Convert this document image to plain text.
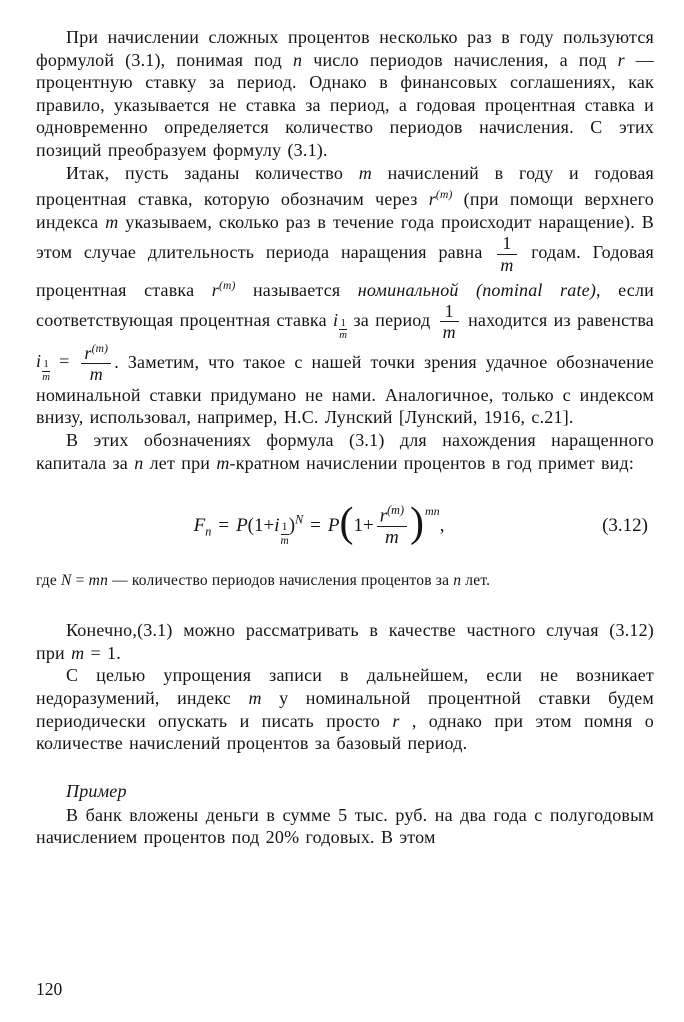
При начислении сложных процентов несколько раз в году пользуются формулой (3.1), понимая под n число периодов начисления, а под r — процентную ставку за период. Однако в финансовых соглашениях, как правило, указывается не ставка за период, а годовая процентная ставка и одновременно определяется количество периодов начисления. С этих позиций преобразуем формулу (3.1).

Итак, пусть заданы количество m начислений в году и годовая процентная ставка, которую обозначим через $r^{(m)}$ (при помощи верхнего индекса m указываем, сколько раз в течение года происходит наращение). В этом случае длительность периода наращения равна $\frac{1}{m}$ годам. Годовая процентная ставка $r^{(m)}$ называется номинальной (nominal rate), если соответствующая процентная ставка i $\frac{1}{m}$ за период $\frac{1}{m}$ находится из равенства i $\frac{1}{m} = \frac{r^{(m)}}{m}$ . Заметим, что такое с нашей точки зрения удачное обозначение номинальной ставки придумано не нами. Аналогичное, только с индексом внизу, использовал, например, Н.С. Лунский [Лунский, 1916, с.21].

В этих обозначениях формула (3.1) для нахождения наращенного капитала за n лет при m-кратном начислении процентов в год примет вид:

$F_n = P(1+i \frac{1}{m} )^N = P(1+ \frac{r^{(m)}}{m} )^{mn}$,	(3.12)

где N = mn — количество периодов начисления процентов за n лет.

Конечно,(3.1) можно рассматривать в качестве частного случая (3.12) при m = 1.

С целью упрощения записи в дальнейшем, если не возникает недоразумений, индекс m у номинальной процентной ставки будем периодически опускать и писать просто r , однако при этом помня о количестве начислений процентов за базовый период.

Пример

В банк вложены деньги в сумме 5 тыс. руб. на два года с полугодовым начислением процентов под 20% годовых. В этом

120
